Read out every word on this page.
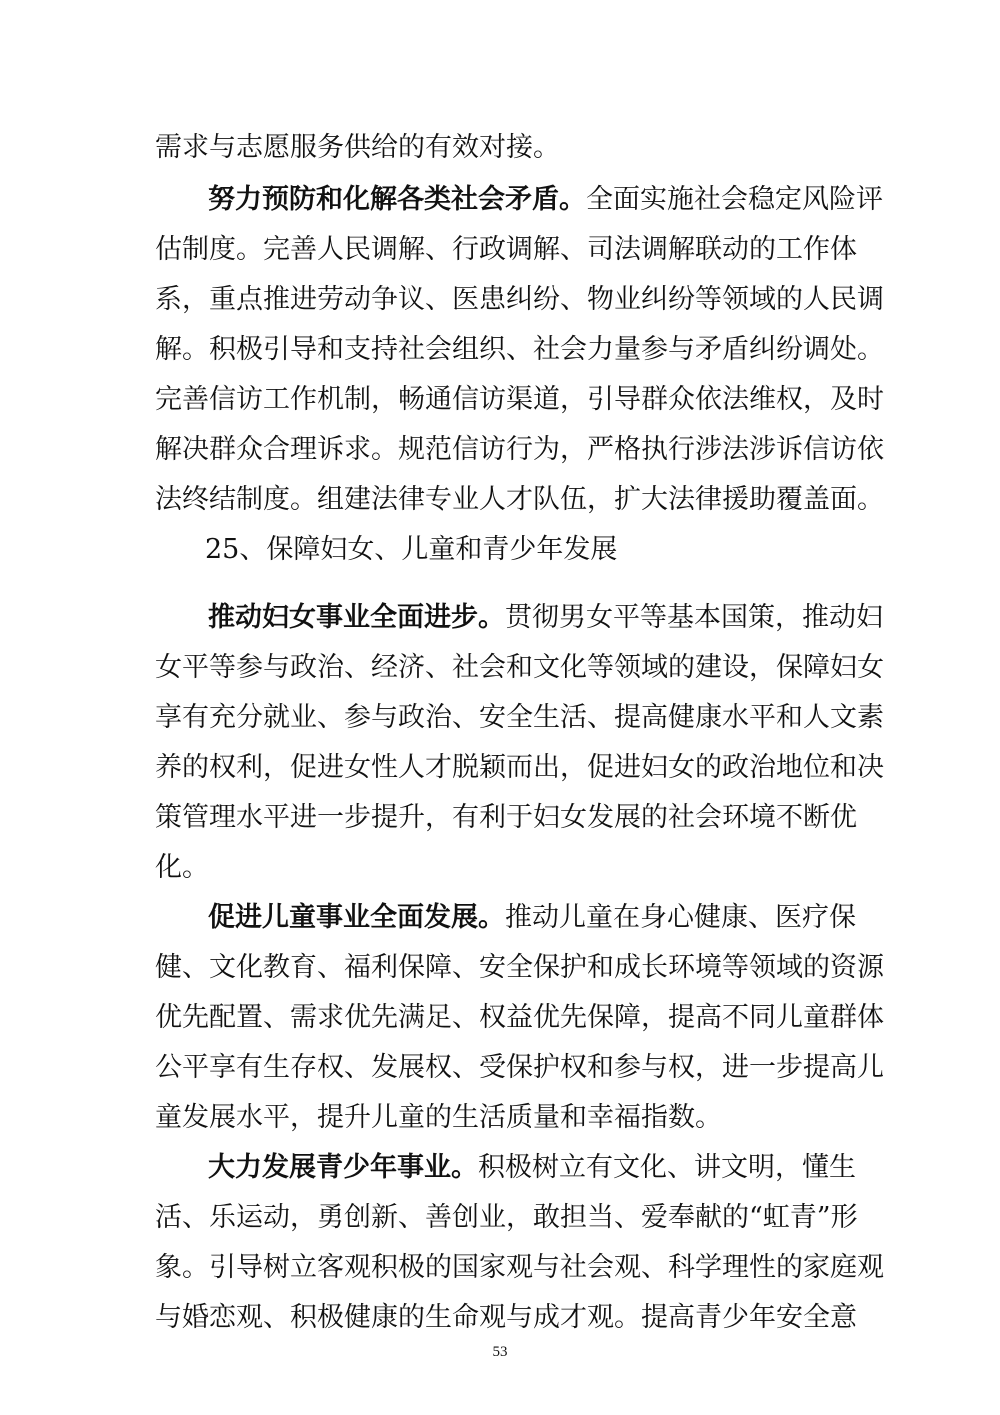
需求与志愿服务供给的有效对接。
努力预防和化解各类社会矛盾。全面实施社会稳定风险评
估制度。完善人民调解、行政调解、司法调解联动的工作体
系，重点推进劳动争议、医患纠纷、物业纠纷等领域的人民调
解。积极引导和支持社会组织、社会力量参与矛盾纠纷调处。
完善信访工作机制，畅通信访渠道，引导群众依法维权，及时
解决群众合理诉求。规范信访行为，严格执行涉法涉诉信访依
法终结制度。组建法律专业人才队伍，扩大法律援助覆盖面。
25、保障妇女、儿童和青少年发展
推动妇女事业全面进步。贯彻男女平等基本国策，推动妇
女平等参与政治、经济、社会和文化等领域的建设，保障妇女
享有充分就业、参与政治、安全生活、提高健康水平和人文素
养的权利，促进女性人才脱颖而出，促进妇女的政治地位和决
策管理水平进一步提升，有利于妇女发展的社会环境不断优
化。
促进儿童事业全面发展。推动儿童在身心健康、医疗保
健、文化教育、福利保障、安全保护和成长环境等领域的资源
优先配置、需求优先满足、权益优先保障，提高不同儿童群体
公平享有生存权、发展权、受保护权和参与权，进一步提高儿
童发展水平，提升儿童的生活质量和幸福指数。
大力发展青少年事业。积极树立有文化、讲文明，懂生
活、乐运动，勇创新、善创业，敢担当、爱奉献的“虹青”形
象。引导树立客观积极的国家观与社会观、科学理性的家庭观
与婚恋观、积极健康的生命观与成才观。提高青少年安全意
53
